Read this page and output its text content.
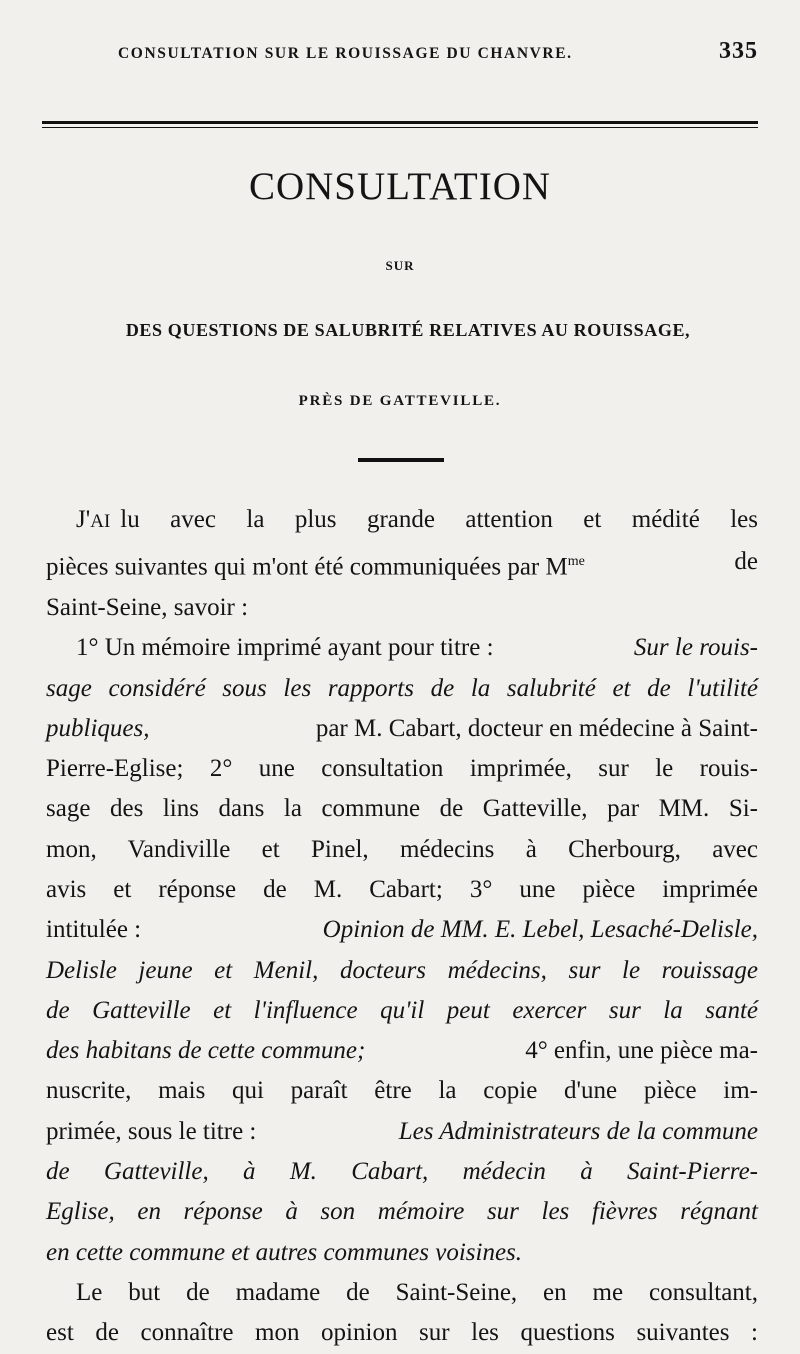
CONSULTATION SUR LE ROUISSAGE DU CHANVRE.	335
CONSULTATION
SUR
DES QUESTIONS DE SALUBRITÉ RELATIVES AU ROUISSAGE,
PRÈS DE GATTEVILLE.
J'AI lu avec la plus grande attention et médité les
pièces suivantes qui m'ont été communiquées par $M^{me}$	de
Saint-Seine, savoir :
1° Un mémoire imprimé ayant pour titre :	Sur le rouis-
sage considéré sous les rapports de la salubrité et de l'utilité
publiques,	par M. Cabart, docteur en médecine à Saint-
Pierre-Eglise; 2° une consultation imprimée, sur le rouis-
sage des lins dans la commune de Gatteville, par MM. Si-
mon, Vandiville et Pinel, médecins à Cherbourg, avec
avis et réponse de M. Cabart; 3° une pièce imprimée
intitulée :	Opinion de MM. E. Lebel, Lesaché-Delisle,
Delisle jeune et Menil, docteurs médecins, sur le rouissage
de Gatteville et l'influence qu'il peut exercer sur la santé
des habitans de cette commune;	4° enfin, une pièce ma-
nuscrite, mais qui paraît être la copie d'une pièce im-
primée, sous le titre :	Les Administrateurs de la commune
de Gatteville, à M. Cabart, médecin à Saint-Pierre-
Eglise, en réponse à son mémoire sur les fièvres régnant
en cette commune et autres communes voisines.
Le but de madame de Saint-Seine, en me consultant,
est de connaître mon opinion sur les questions suivantes :
